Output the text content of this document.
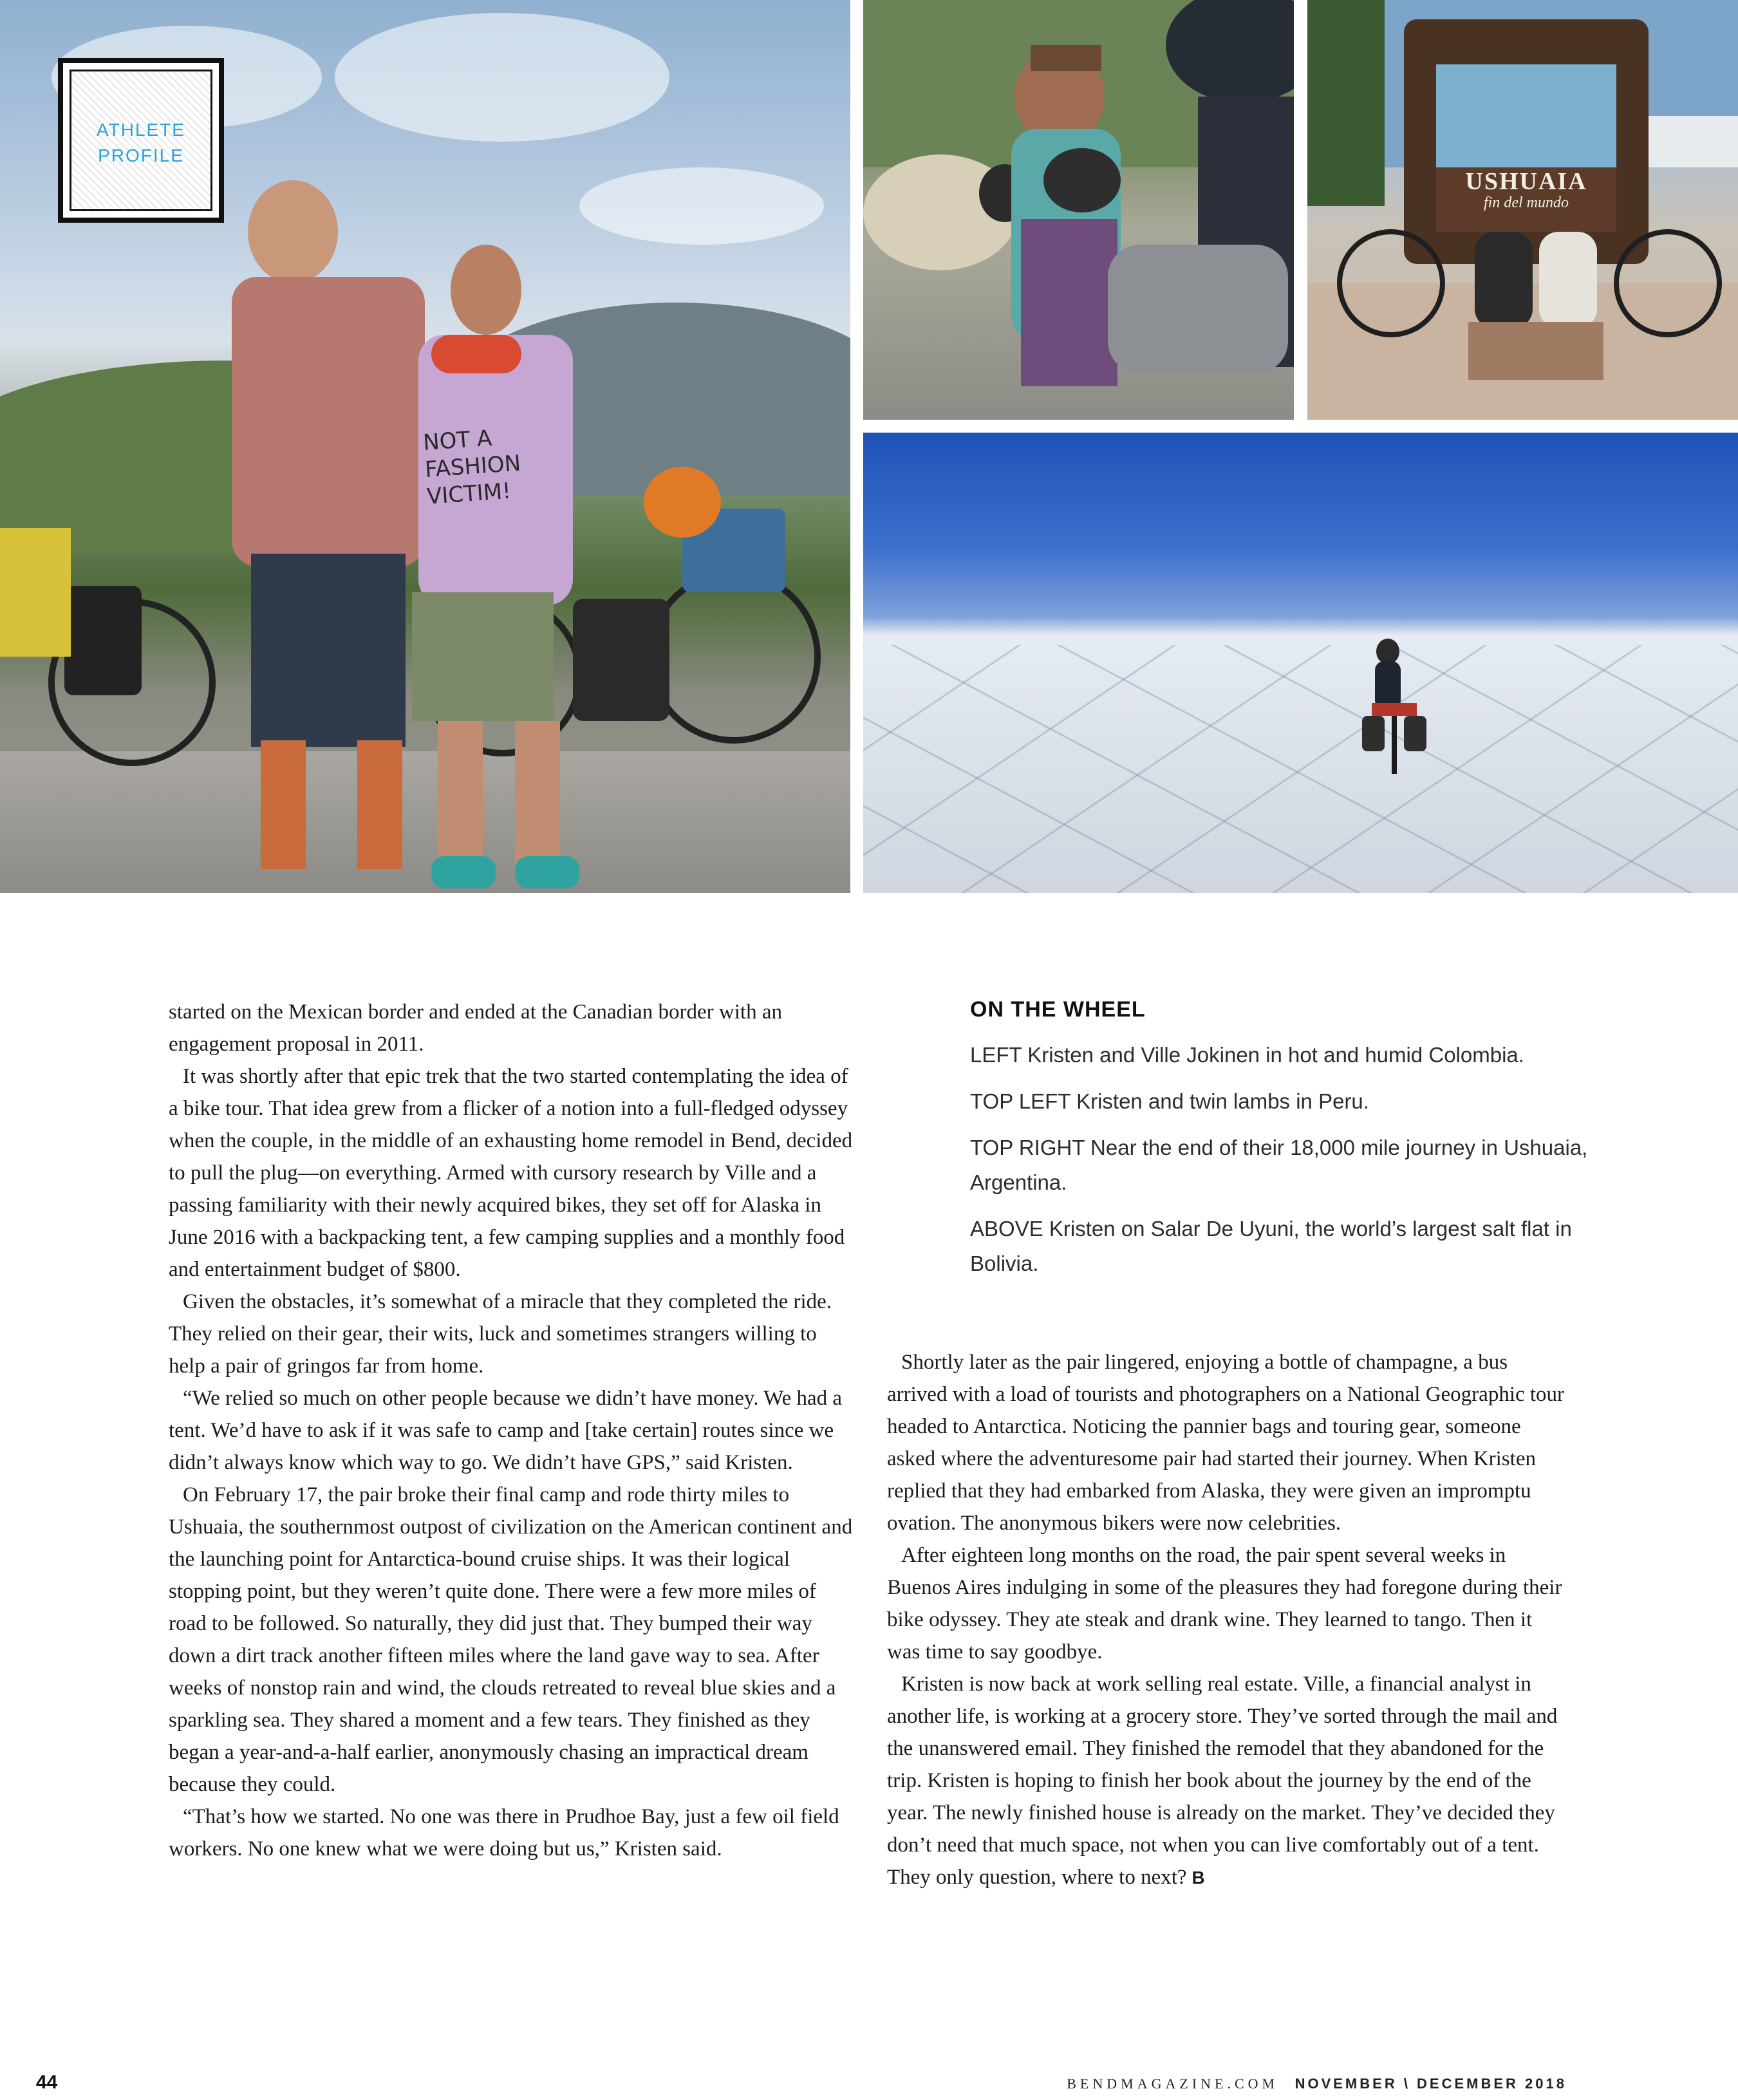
NOT A FASHION VICTIM!
ATHLETE
PROFILE
USHUAIA
fin del mundo

started on the Mexican border and ended at the Canadian border with an engagement proposal in 2011.

It was shortly after that epic trek that the two started contemplating the idea of a bike tour. That idea grew from a flicker of a notion into a full-fledged odyssey when the couple, in the middle of an exhausting home remodel in Bend, decided to pull the plug—on everything. Armed with cursory research by Ville and a passing familiarity with their newly acquired bikes, they set off for Alaska in June 2016 with a backpacking tent, a few camping supplies and a monthly food and entertainment budget of $800.

Given the obstacles, it’s somewhat of a miracle that they completed the ride. They relied on their gear, their wits, luck and sometimes strangers willing to help a pair of gringos far from home.

“We relied so much on other people because we didn’t have money. We had a tent. We’d have to ask if it was safe to camp and [take certain] routes since we didn’t always know which way to go. We didn’t have GPS,” said Kristen.

On February 17, the pair broke their final camp and rode thirty miles to Ushuaia, the southernmost outpost of civilization on the American continent and the launching point for Antarctica-bound cruise ships. It was their logical stopping point, but they weren’t quite done. There were a few more miles of road to be followed. So naturally, they did just that. They bumped their way down a dirt track another fifteen miles where the land gave way to sea. After weeks of nonstop rain and wind, the clouds retreated to reveal blue skies and a sparkling sea. They shared a moment and a few tears. They finished as they began a year-and-a-half earlier, anonymously chasing an impractical dream because they could.

“That’s how we started. No one was there in Prudhoe Bay, just a few oil field workers. No one knew what we were doing but us,” Kristen said.

ON THE WHEEL
LEFT Kristen and Ville Jokinen in hot and humid Colombia.
TOP LEFT Kristen and twin lambs in Peru.
TOP RIGHT Near the end of their 18,000 mile journey in Ushuaia, Argentina.
ABOVE Kristen on Salar De Uyuni, the world’s largest salt flat in Bolivia.

Shortly later as the pair lingered, enjoying a bottle of champagne, a bus arrived with a load of tourists and photographers on a National Geographic tour headed to Antarctica. Noticing the pannier bags and touring gear, someone asked where the adventuresome pair had started their journey. When Kristen replied that they had embarked from Alaska, they were given an impromptu ovation. The anonymous bikers were now celebrities.

After eighteen long months on the road, the pair spent several weeks in Buenos Aires indulging in some of the pleasures they had foregone during their bike odyssey. They ate steak and drank wine. They learned to tango. Then it was time to say goodbye.

Kristen is now back at work selling real estate. Ville, a financial analyst in another life, is working at a grocery store. They’ve sorted through the mail and the unanswered email. They finished the remodel that they abandoned for the trip. Kristen is hoping to finish her book about the journey by the end of the year. The newly finished house is already on the market. They’ve decided they don’t need that much space, not when you can live comfortably out of a tent. They only question, where to next? B

44	BENDMAGAZINE.COM NOVEMBER \ DECEMBER 2018
